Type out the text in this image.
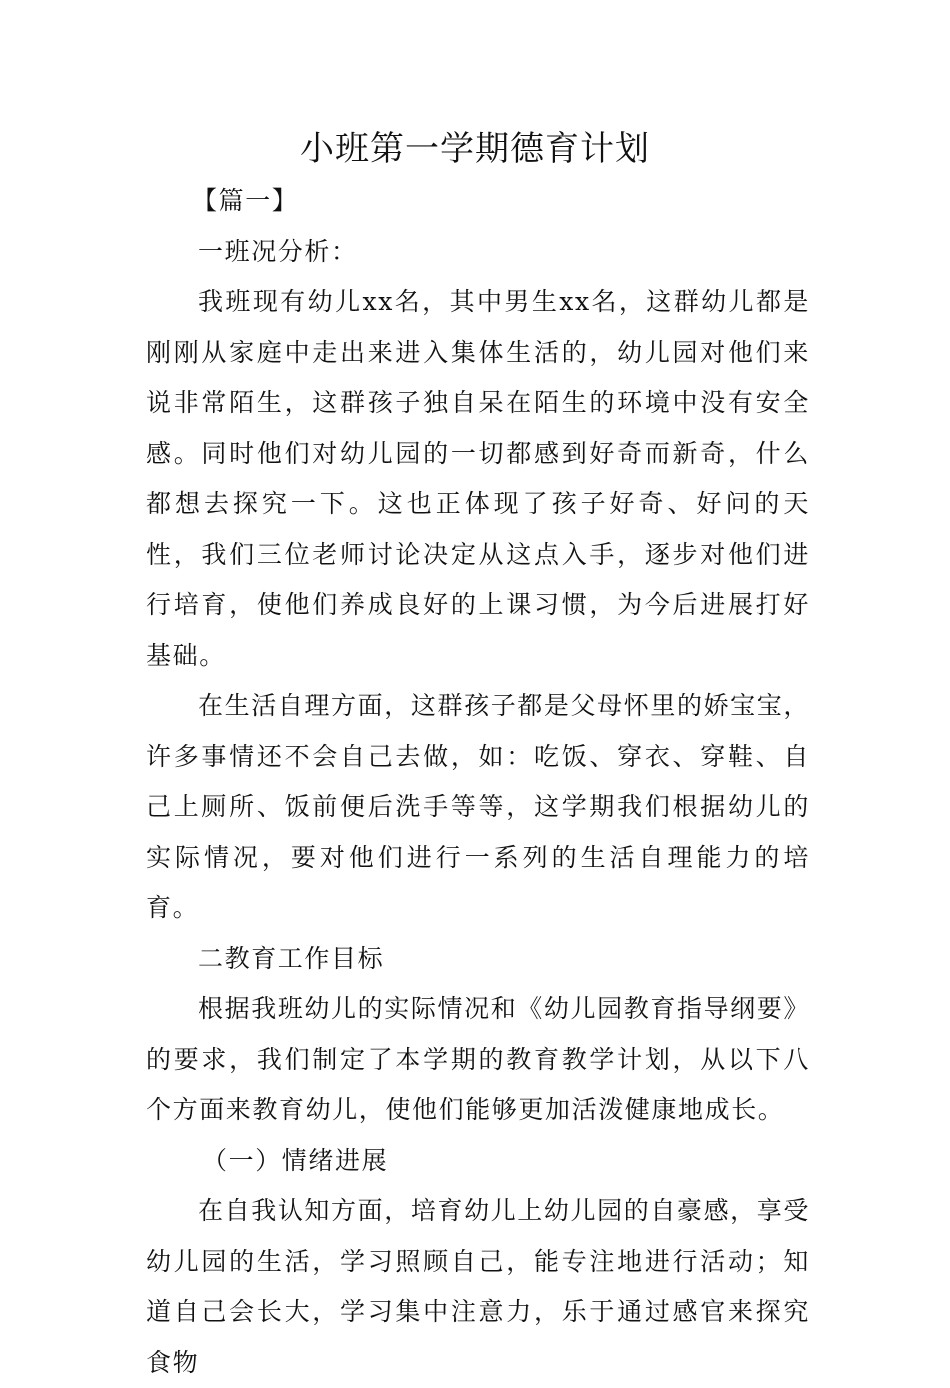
小班第一学期德育计划

【篇一】

一班况分析：

我班现有幼儿xx名，其中男生xx名，这群幼儿都是刚刚从家庭中走出来进入集体生活的，幼儿园对他们来说非常陌生，这群孩子独自呆在陌生的环境中没有安全感。同时他们对幼儿园的一切都感到好奇而新奇，什么都想去探究一下。这也正体现了孩子好奇、好问的天性，我们三位老师讨论决定从这点入手，逐步对他们进行培育，使他们养成良好的上课习惯，为今后进展打好基础。

在生活自理方面，这群孩子都是父母怀里的娇宝宝，许多事情还不会自己去做，如：吃饭、穿衣、穿鞋、自己上厕所、饭前便后洗手等等，这学期我们根据幼儿的实际情况，要对他们进行一系列的生活自理能力的培育。

二教育工作目标

根据我班幼儿的实际情况和《幼儿园教育指导纲要》的要求，我们制定了本学期的教育教学计划，从以下八个方面来教育幼儿，使他们能够更加活泼健康地成长。

（一）情绪进展

在自我认知方面，培育幼儿上幼儿园的自豪感，享受幼儿园的生活，学习照顾自己，能专注地进行活动；知道自己会长大，学习集中注意力，乐于通过感官来探究食物
